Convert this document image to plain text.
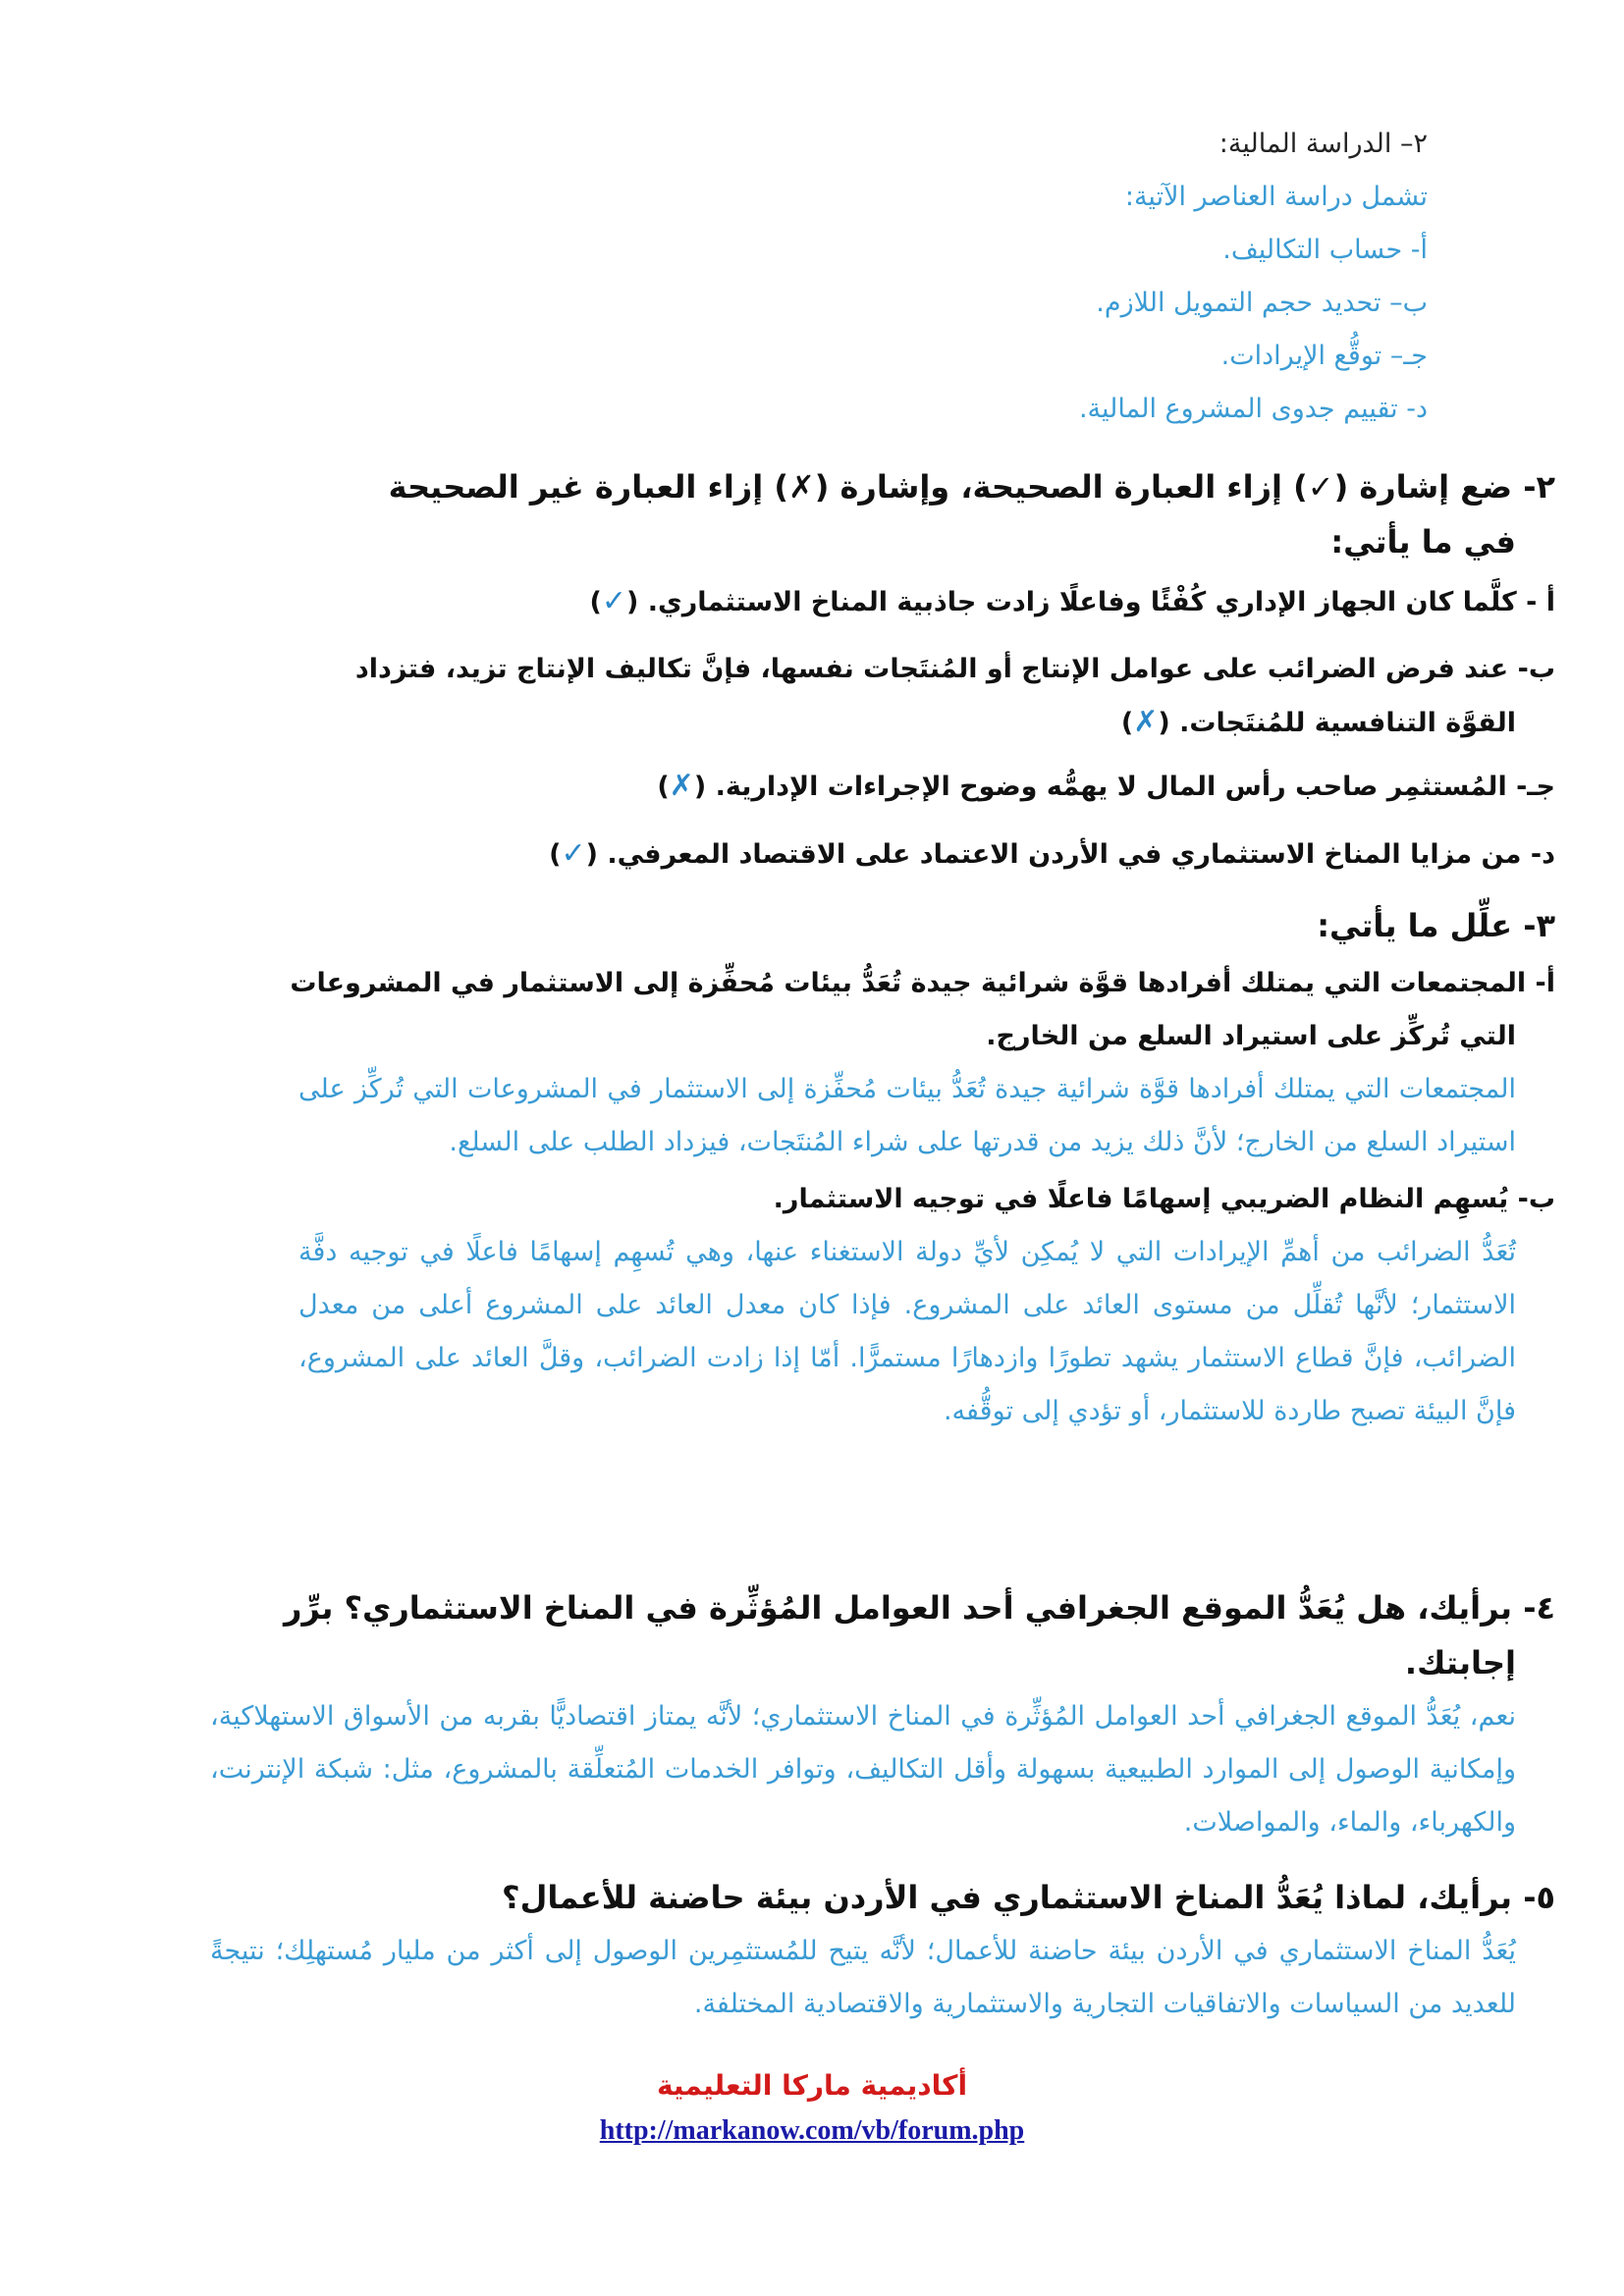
٢– الدراسة المالية:

تشمل دراسة العناصر الآتية:

أ- حساب التكاليف.

ب– تحديد حجم التمويل اللازم.

جـ– توقُّع الإيرادات.

د- تقييم جدوى المشروع المالية.

٢- ضع إشارة (✓) إزاء العبارة الصحيحة، وإشارة (✗) إزاء العبارة غير الصحيحة

في ما يأتي:

أ - كلَّما كان الجهاز الإداري كُفْئًا وفاعلًا زادت جاذبية المناخ الاستثماري. (✓)

ب- عند فرض الضرائب على عوامل الإنتاج أو المُنتَجات نفسها، فإنَّ تكاليف الإنتاج تزيد، فتزداد

القوَّة التنافسية للمُنتَجات. (✗)

جـ- المُستثمِر صاحب رأس المال لا يهمُّه وضوح الإجراءات الإدارية. (✗)

د- من مزايا المناخ الاستثماري في الأردن الاعتماد على الاقتصاد المعرفي. (✓)

٣- علِّل ما يأتي:

أ- المجتمعات التي يمتلك أفرادها قوَّة شرائية جيدة تُعَدُّ بيئات مُحفِّزة إلى الاستثمار في المشروعات

التي تُركِّز على استيراد السلع من الخارج.

المجتمعات التي يمتلك أفرادها قوَّة شرائية جيدة تُعَدُّ بيئات مُحفِّزة إلى الاستثمار في المشروعات التي تُركِّز على استيراد السلع من الخارج؛ لأنَّ ذلك يزيد من قدرتها على شراء المُنتَجات، فيزداد الطلب على السلع.

ب- يُسهِم النظام الضريبي إسهامًا فاعلًا في توجيه الاستثمار.

تُعَدُّ الضرائب من أهمِّ الإيرادات التي لا يُمكِن لأيِّ دولة الاستغناء عنها، وهي تُسهِم إسهامًا فاعلًا في توجيه دفَّة الاستثمار؛ لأنَّها تُقلِّل من مستوى العائد على المشروع. فإذا كان معدل العائد على المشروع أعلى من معدل الضرائب، فإنَّ قطاع الاستثمار يشهد تطورًا وازدهارًا مستمرًّا. أمّا إذا زادت الضرائب، وقلَّ العائد على المشروع، فإنَّ البيئة تصبح طاردة للاستثمار، أو تؤدي إلى توقُّفه.

٤- برأيك، هل يُعَدُّ الموقع الجغرافي أحد العوامل المُؤثِّرة في المناخ الاستثماري؟ برِّر

إجابتك.

نعم، يُعَدُّ الموقع الجغرافي أحد العوامل المُؤثِّرة في المناخ الاستثماري؛ لأنَّه يمتاز اقتصاديًّا بقربه من الأسواق الاستهلاكية، وإمكانية الوصول إلى الموارد الطبيعية بسهولة وأقل التكاليف، وتوافر الخدمات المُتعلِّقة بالمشروع، مثل: شبكة الإنترنت، والكهرباء، والماء، والمواصلات.

٥- برأيك، لماذا يُعَدُّ المناخ الاستثماري في الأردن بيئة حاضنة للأعمال؟

يُعَدُّ المناخ الاستثماري في الأردن بيئة حاضنة للأعمال؛ لأنَّه يتيح للمُستثمِرين الوصول إلى أكثر من مليار مُستهلِك؛ نتيجةً للعديد من السياسات والاتفاقيات التجارية والاستثمارية والاقتصادية المختلفة.

أكاديمية ماركا التعليمية
http://markanow.com/vb/forum.php
